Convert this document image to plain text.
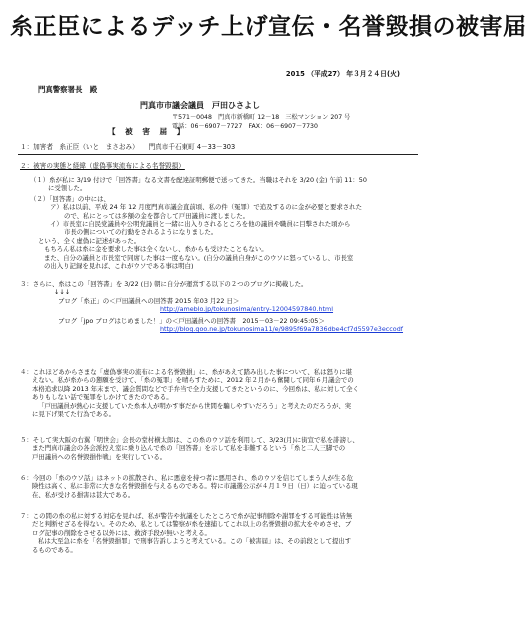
糸正臣によるデッチ上げ宣伝・名誉毀損の被害届
2015 （平成27） 年３月２４日(火)
門真警察署長　殿
門真市市議会議員　戸田ひさよし
〒571－0048　門真市新橋町 12－18　三松マンション 207 号
電話：06－6907－7727　FAX：06－6907－7730
【　被　害　届　】
１：加害者　糸正臣（いと　まさおみ）　　門真市千石東町 4－33－303
２：被害の実態と経緯（虚偽事実流布による名誉毀損）
（１）糸が私に 3/19 付けで「回答書」なる文書を配達証明郵便で送ってきた。当職はそれを 3/20 (金) 午前 11：50
に受領した。
（２）「回答書」の中には、
ア）私は以前、平成 24 年 12 月度門真市議会直前頃、私の件（冤罪）で追及するのに金が必要と要求された
ので、私にとっては多額の金を都合して戸田議員に渡しました。
イ）市長室に自民党議員や公明党議員と一緒に出入りされるところを他の議員や職員に目撃された頃から
市長の側についての行動をされるようになりました。
という、全く虚偽に記述があった。
もちろん私は糸に金を要求した事は全くないし、糸からも受けたこともない。
また、自分の議員と市長室で同席した事は一度もない。(自分の議員自身がこのウソに怒っているし、市長室
の出入り記録を見れば、これがウソである事は明白)
３：さらに、糸はこの「回答書」を 3/22 (日) 朝に自分が運営する以下の２つのブログに掲載した。
↓↓↓
ブログ「糸正」の＜戸田議員への回答書 2015 年03 月22 日＞
http://ameblo.jp/tokunosima/entry-12004597840.html
ブログ「jpo ブログはじめました！」の＜戸田議員への回答書　2015－03－22 09:45:05＞
http://blog.goo.ne.jp/tokunosima11/e/9895f69a7836dbe4cf7d5597e3eccodf
４：これほどあからさまな「虚偽事実の流布による名誉毀損」に、糸があえて踏み出した事について、私は怒りに堪
えない。私が糸からの懇願を受けて、「糸の冤罪」を晴らすために、2012 年２月から奮闘して同年６月議会での
本格追求以降 2013 年末まで、議会質問などで手弁当で全力支援してきたというのに、今回糸は、私に対して全く
ありもしない話で冤罪をしかけてきたのである。
「戸田議員が熱心に支援していた糸本人が明かす事だから世間を騙しやすいだろう」と考えたのだろうが、実
に見下げ果てた行為である。
５：そして実大阪の右翼「明世会」会長の堂村横太郎は、この糸のウソ話を利用して、3/23(月)に街宣で私を誹謗し、
また門真市議会の各会派控え室に乗り込んで糸の「回答書」を示して私を非難するという「糸と二人三脚での
戸田議員への名誉毀損作戦」を実行している。
６：今回の「糸のウソ話」はネットの拡散され、私に悪意を持つ者に悪用され、糸のウソを信じてしまう人が生る危
険性は高く、私に非常に大きな名誉毀損を与えるものである。特に市議選公示が４月１９日（日）に迫っている現
在、私が受ける損害は甚大である。
７：この間の糸の私に対する対応を見れば、私が警告や抗議をしたところで糸が記事削除や謝罪をする可能性は皆無
だと判断せざるを得ない。そのため、私としては警察が糸を速捕してこれ以上の名誉毀損の拡大をやめさせ、ブ
ログ記事の削除をさせる以外には、救済手段が無いと考える。
私は大至急に糸を「名誉毀損罪」で刑事告訴しようと考えている。この「被害届」は、その前段として提出す
るものである。
